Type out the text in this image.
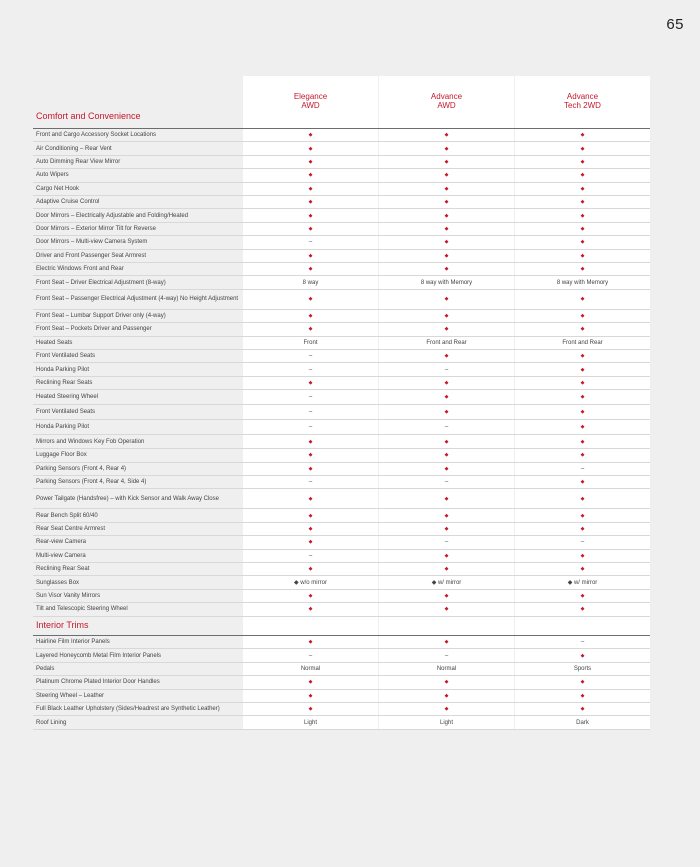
65
Elegance
AWD
Advance
AWD
Advance
Tech 2WD
Comfort and Convenience
Interior Trims
Front and Cargo Accessory Socket Locations	◆	◆	◆
Air Conditioning – Rear Vent	◆	◆	◆
Auto Dimming Rear View Mirror	◆	◆	◆
Auto Wipers	◆	◆	◆
Cargo Net Hook	◆	◆	◆
Adaptive Cruise Control	◆	◆	◆
Door Mirrors – Electrically Adjustable and Folding/Heated	◆	◆	◆
Door Mirrors – Exterior Mirror Tilt for Reverse	◆	◆	◆
Door Mirrors – Multi-view Camera System	–	◆	◆
Driver and Front Passenger Seat Armrest	◆	◆	◆
Electric Windows Front and Rear	◆	◆	◆
Front Seat – Driver Electrical Adjustment (8-way)	8 way	8 way with Memory	8 way with Memory
Front Seat – Passenger Electrical Adjustment (4-way) No Height Adjustment	◆	◆	◆
Front Seat – Lumbar Support Driver only (4-way)	◆	◆	◆
Front Seat – Pockets Driver and Passenger	◆	◆	◆
Heated Seats	Front	Front and Rear	Front and Rear
Front Ventilated Seats	–	◆	◆
Honda Parking Pilot	–	–	◆
Reclining Rear Seats	◆	◆	◆
Heated Steering Wheel	–	◆	◆
Front Ventilated Seats	–	◆	◆
Honda Parking Pilot	–	–	◆
Mirrors and Windows Key Fob Operation	◆	◆	◆
Luggage Floor Box	◆	◆	◆
Parking Sensors (Front 4, Rear 4)	◆	◆	–
Parking Sensors (Front 4, Rear 4, Side 4)	–	–	◆
Power Tailgate (Handsfree) – with Kick Sensor and Walk Away Close	◆	◆	◆
Rear Bench Split 60/40	◆	◆	◆
Rear Seat Centre Armrest	◆	◆	◆
Rear-view Camera	◆	–	–
Multi-view Camera	–	◆	◆
Reclining Rear Seat	◆	◆	◆
Sunglasses Box	◆ w/o mirror	◆ w/ mirror	◆ w/ mirror
Sun Visor Vanity Mirrors	◆	◆	◆
Tilt and Telescopic Steering Wheel	◆	◆	◆
Hairline Film Interior Panels	◆	◆	–
Layered Honeycomb Metal Film Interior Panels	–	–	◆
Pedals	Normal	Normal	Sports
Platinum Chrome Plated Interior Door Handles	◆	◆	◆
Steering Wheel – Leather	◆	◆	◆
Full Black Leather Upholstery (Sides/Headrest are Synthetic Leather)	◆	◆	◆
Roof Lining	Light	Light	Dark
